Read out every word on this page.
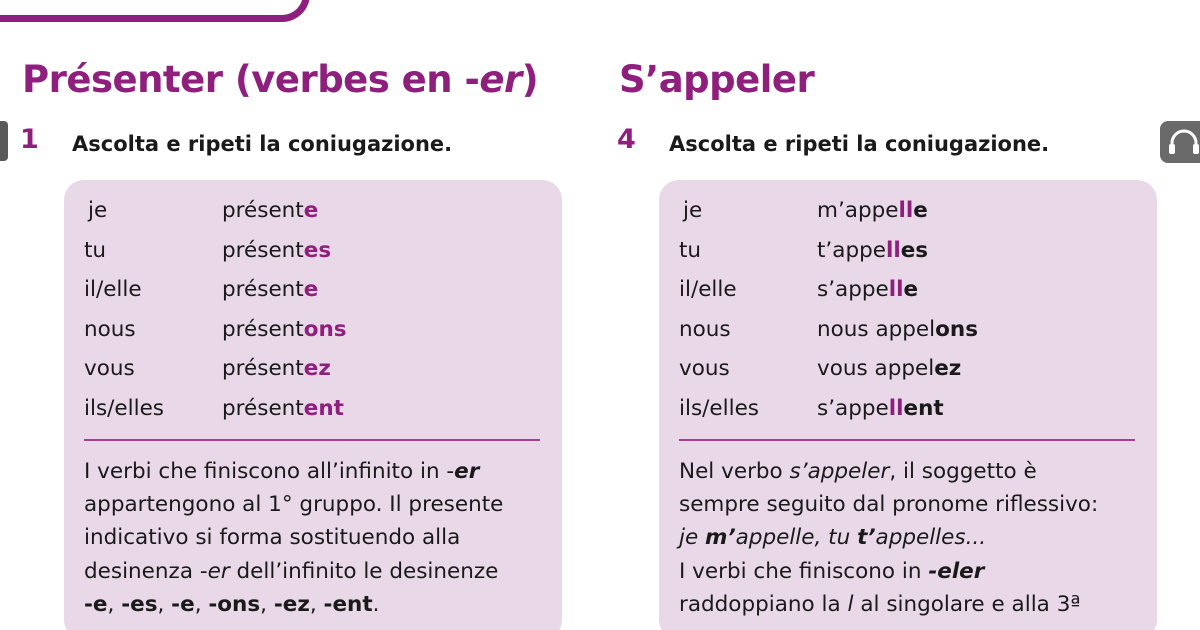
Présenter (verbes en -er)
1 Ascolta e ripeti la coniugazione.
je	présente
tu	présentes
il/elle	présente
nous	présentons
vous	présentez
ils/elles	présentent
I verbi che finiscono all’infinito in -er
appartengono al 1° gruppo. Il presente
indicativo si forma sostituendo alla
desinenza -er dell’infinito le desinenze
-e, -es, -e, -ons, -ez, -ent.
S’appeler
4 Ascolta e ripeti la coniugazione.
je	m’appelle
tu	t’appelles
il/elle	s’appelle
nous	nous appelons
vous	vous appelez
ils/elles	s’appellent
Nel verbo s’appeler, il soggetto è
sempre seguito dal pronome riflessivo:
je m’appelle, tu t’appelles...
I verbi che finiscono in -eler
raddoppiano la l al singolare e alla 3ª
